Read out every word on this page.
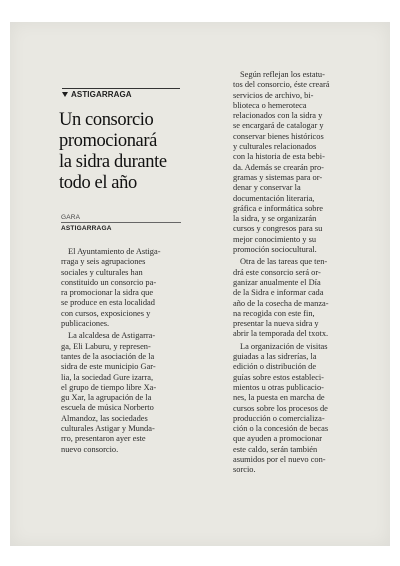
ASTIGARRAGA
Un consorcio
promocionará
la sidra durante
todo el año
GARA
ASTIGARRAGA
El Ayuntamiento de Astiga-
rraga y seis agrupaciones
sociales y culturales han
constituido un consorcio pa-
ra promocionar la sidra que
se produce en esta localidad
con cursos, exposiciones y
publicaciones.
La alcaldesa de Astigarra-
ga, Eli Laburu, y represen-
tantes de la asociación de la
sidra de este municipio Gar-
lia, la sociedad Gure izarra,
el grupo de tiempo libre Xa-
gu Xar, la agrupación de la
escuela de música Norberto
Almandoz, las sociedades
culturales Astigar y Munda-
rro, presentaron ayer este
nuevo consorcio.
Según reflejan los estatu-
tos del consorcio, éste creará
servicios de archivo, bi-
blioteca o hemeroteca
relacionados con la sidra y
se encargará de catalogar y
conservar bienes históricos
y culturales relacionados
con la historia de esta bebi-
da. Además se crearán pro-
gramas y sistemas para or-
denar y conservar la
documentación literaria,
gráfica e informática sobre
la sidra, y se organizarán
cursos y congresos para su
mejor conocimiento y su
promoción sociocultural.
Otra de las tareas que ten-
drá este consorcio será or-
ganizar anualmente el Día
de la Sidra e informar cada
año de la cosecha de manza-
na recogida con este fin,
presentar la nueva sidra y
abrir la temporada del txotx.
La organización de visitas
guiadas a las sidrerías, la
edición o distribución de
guías sobre estos estableci-
mientos u otras publicacio-
nes, la puesta en marcha de
cursos sobre los procesos de
producción o comercializa-
ción o la concesión de becas
que ayuden a promocionar
este caldo, serán también
asumidos por el nuevo con-
sorcio.
